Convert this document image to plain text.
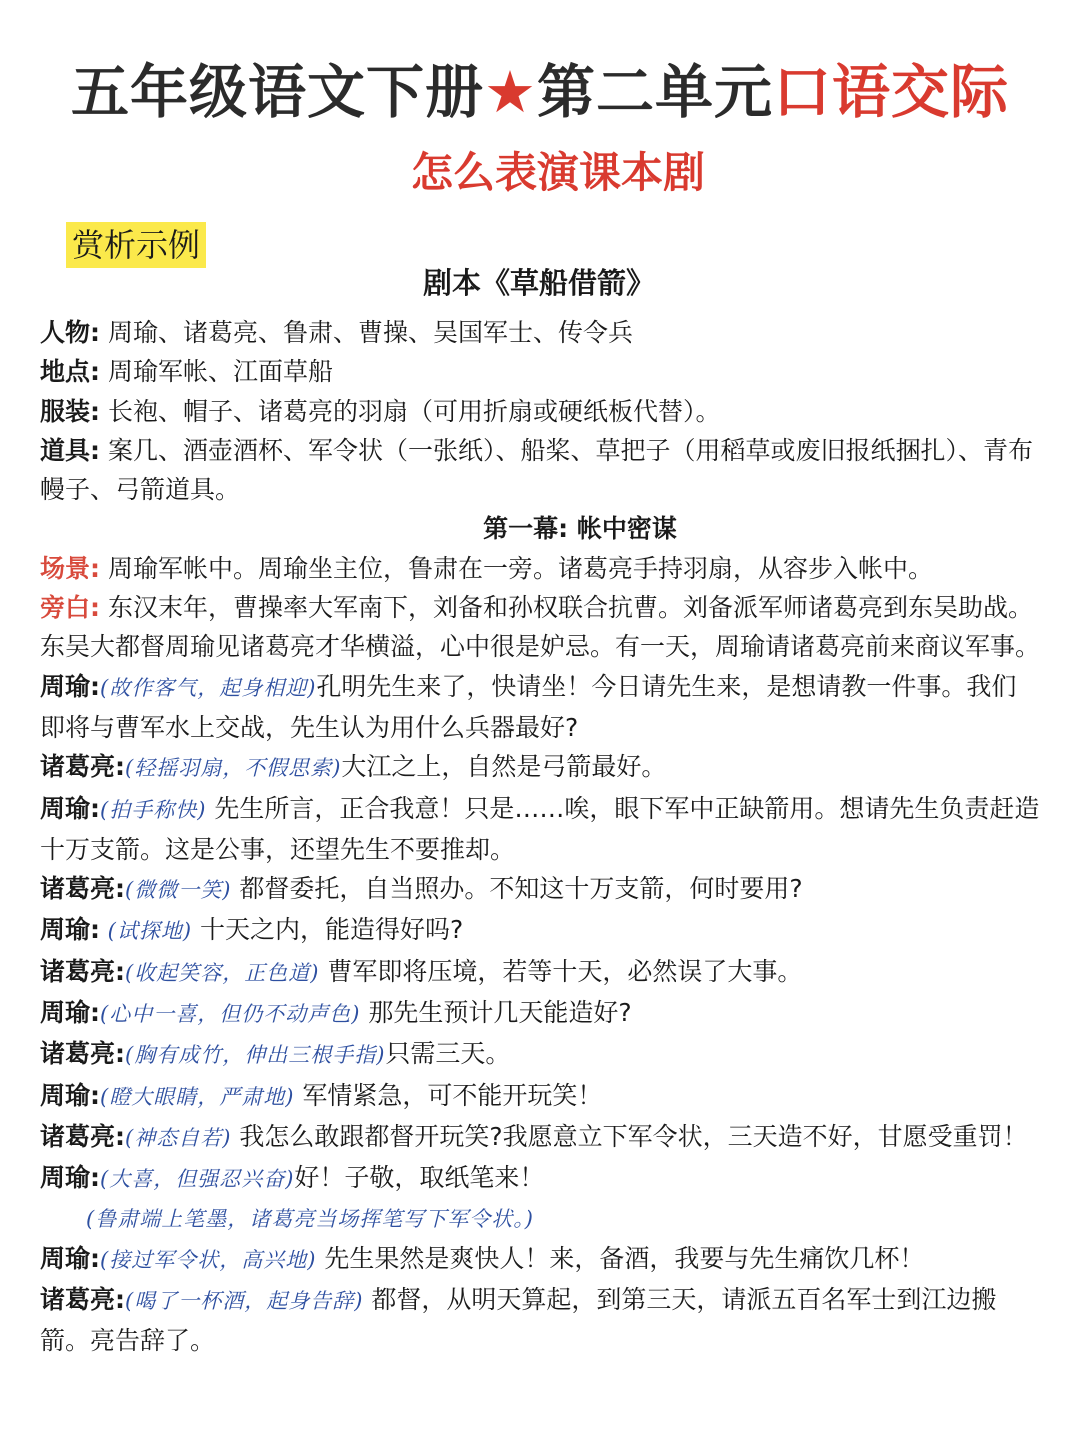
五年级语文下册★第二单元口语交际
怎么表演课本剧
赏析示例
剧本《草船借箭》
人物: 周瑜、诸葛亮、鲁肃、曹操、吴国军士、传令兵
地点: 周瑜军帐、江面草船
服装: 长袍、帽子、诸葛亮的羽扇（可用折扇或硬纸板代替）。
道具: 案几、酒壶酒杯、军令状（一张纸）、船桨、草把子（用稻草或废旧报纸捆扎）、青布幔子、弓箭道具。
第一幕: 帐中密谋
场景: 周瑜军帐中。周瑜坐主位，鲁肃在一旁。诸葛亮手持羽扇，从容步入帐中。
旁白: 东汉末年，曹操率大军南下，刘备和孙权联合抗曹。刘备派军师诸葛亮到东吴助战。东吴大都督周瑜见诸葛亮才华横溢，心中很是妒忌。有一天，周瑜请诸葛亮前来商议军事。
周瑜:(故作客气，起身相迎)孔明先生来了，快请坐！今日请先生来，是想请教一件事。我们即将与曹军水上交战，先生认为用什么兵器最好?
诸葛亮:(轻摇羽扇，不假思索)大江之上，自然是弓箭最好。
周瑜:(拍手称快) 先生所言，正合我意！只是……唉，眼下军中正缺箭用。想请先生负责赶造十万支箭。这是公事，还望先生不要推却。
诸葛亮:(微微一笑) 都督委托，自当照办。不知这十万支箭，何时要用?
周瑜: (试探地) 十天之内，能造得好吗?
诸葛亮:(收起笑容，正色道) 曹军即将压境，若等十天，必然误了大事。
周瑜:(心中一喜，但仍不动声色) 那先生预计几天能造好?
诸葛亮:(胸有成竹，伸出三根手指)只需三天。
周瑜:(瞪大眼睛，严肃地) 军情紧急，可不能开玩笑！
诸葛亮:(神态自若) 我怎么敢跟都督开玩笑?我愿意立下军令状，三天造不好，甘愿受重罚！
周瑜:(大喜，但强忍兴奋)好！子敬，取纸笔来！
(鲁肃端上笔墨，诸葛亮当场挥笔写下军令状。)
周瑜:(接过军令状，高兴地) 先生果然是爽快人！来，备酒，我要与先生痛饮几杯！
诸葛亮:(喝了一杯酒，起身告辞) 都督，从明天算起，到第三天，请派五百名军士到江边搬箭。亮告辞了。
